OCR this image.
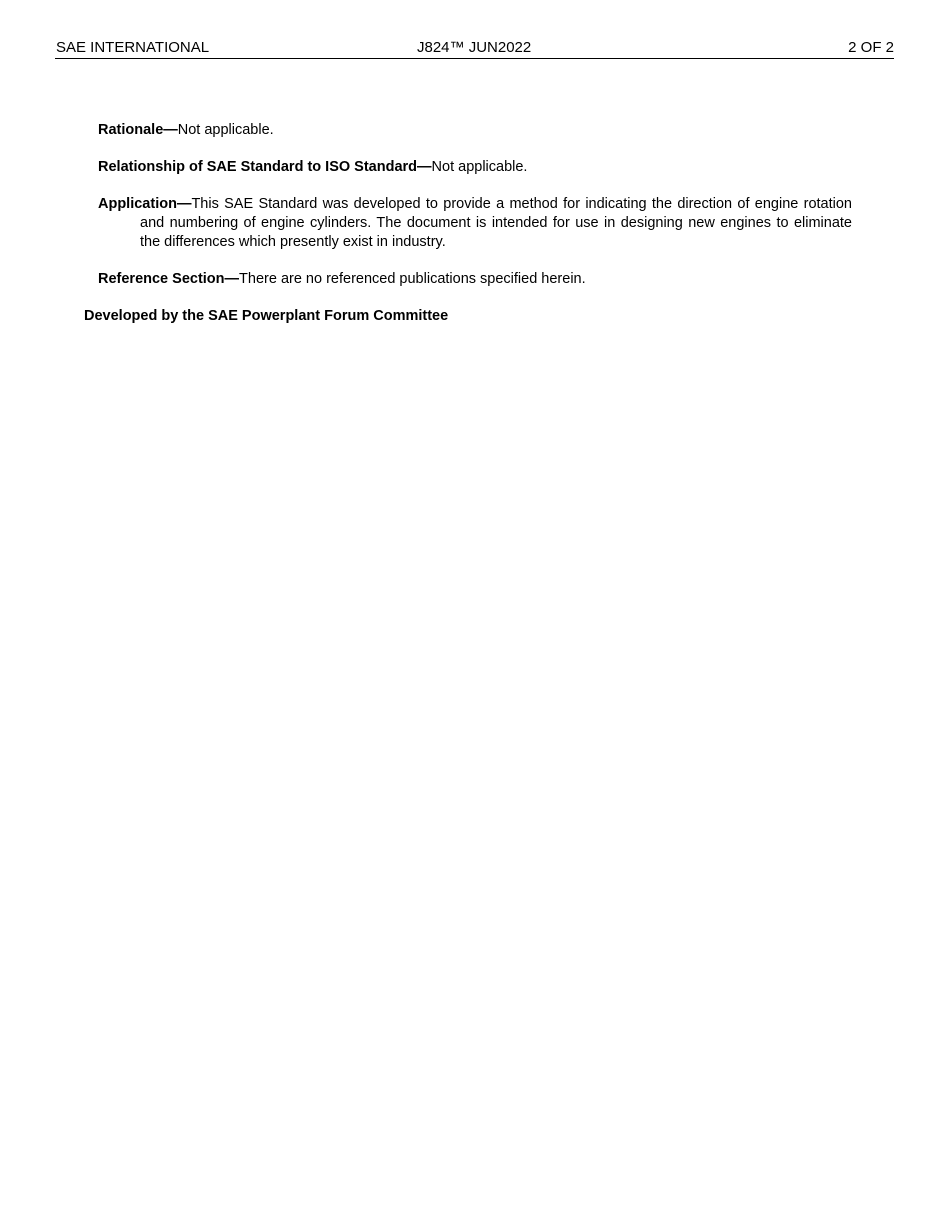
SAE INTERNATIONAL	J824™ JUN2022	2 OF 2
Rationale—Not applicable.
Relationship of SAE Standard to ISO Standard—Not applicable.
Application—This SAE Standard was developed to provide a method for indicating the direction of engine rotation and numbering of engine cylinders. The document is intended for use in designing new engines to eliminate the differences which presently exist in industry.
Reference Section—There are no referenced publications specified herein.
Developed by the SAE Powerplant Forum Committee
